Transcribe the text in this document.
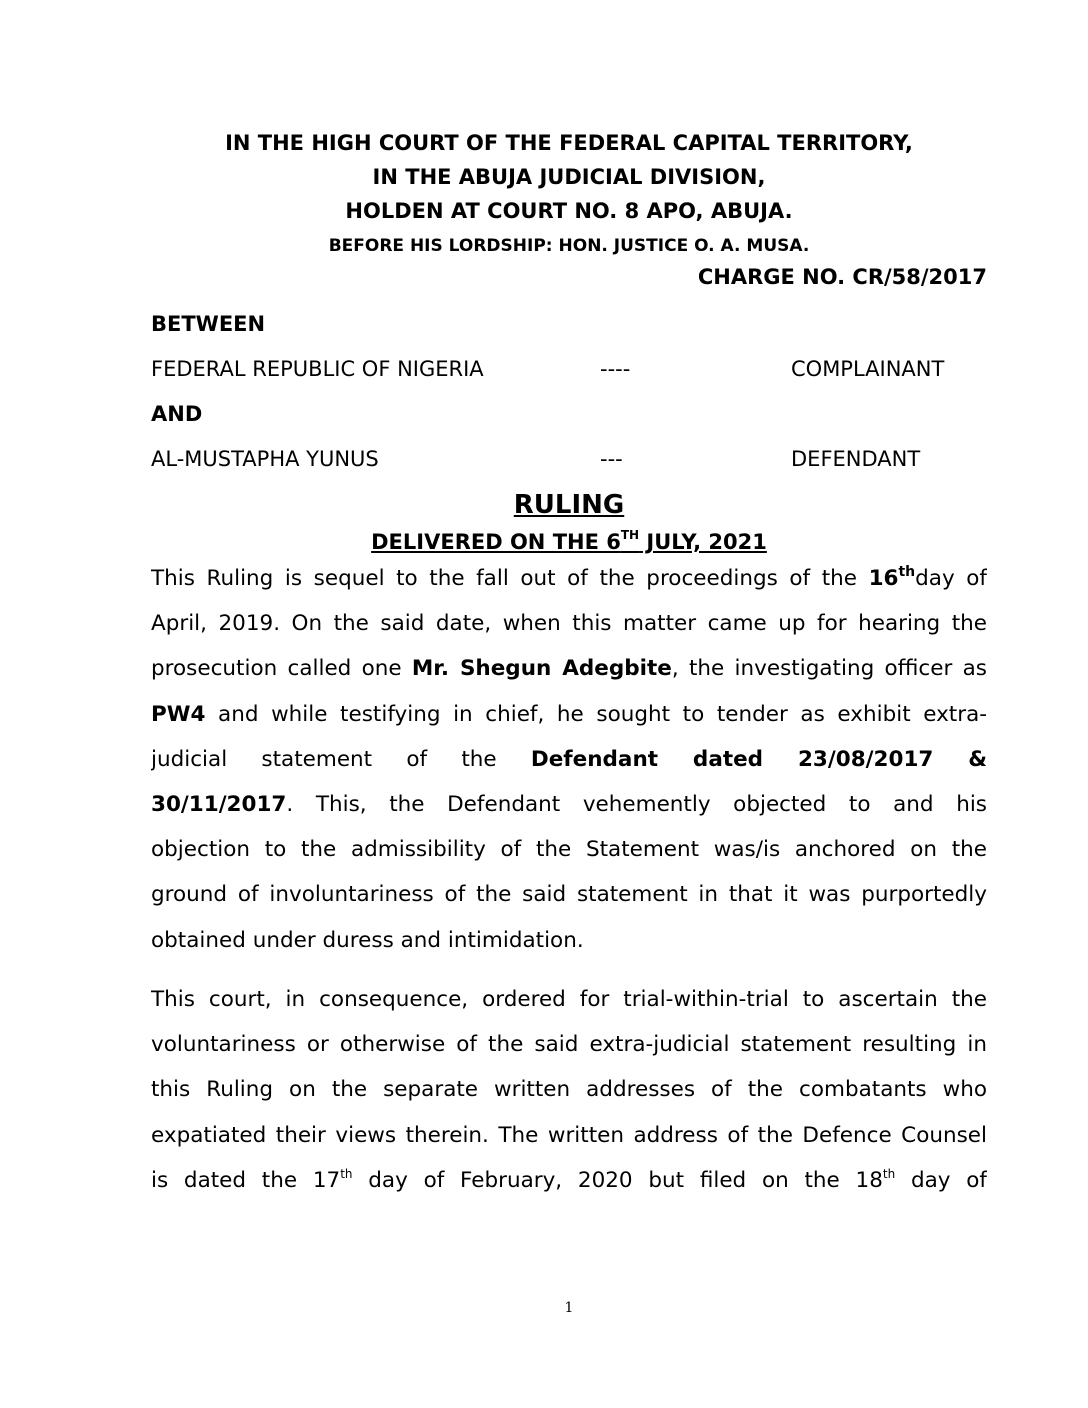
IN THE HIGH COURT OF THE FEDERAL CAPITAL TERRITORY,
IN THE ABUJA JUDICIAL DIVISION,
HOLDEN AT COURT NO. 8 APO, ABUJA.
BEFORE HIS LORDSHIP: HON. JUSTICE O. A. MUSA.
CHARGE NO. CR/58/2017
BETWEEN
FEDERAL REPUBLIC OF NIGERIA	----	COMPLAINANT
AND
AL-MUSTAPHA YUNUS	---	DEFENDANT
RULING
DELIVERED ON THE 6TH JULY, 2021
This Ruling is sequel to the fall out of the proceedings of the 16thday of
April, 2019. On the said date, when this matter came up for hearing the
prosecution called one Mr. Shegun Adegbite, the investigating officer as
PW4 and while testifying in chief, he sought to tender as exhibit extra-
judicial statement of the Defendant dated 23/08/2017 &
30/11/2017. This, the Defendant vehemently objected to and his
objection to the admissibility of the Statement was/is anchored on the
ground of involuntariness of the said statement in that it was purportedly
obtained under duress and intimidation.
This court, in consequence, ordered for trial-within-trial to ascertain the
voluntariness or otherwise of the said extra-judicial statement resulting in
this Ruling on the separate written addresses of the combatants who
expatiated their views therein. The written address of the Defence Counsel
is dated the 17th day of February, 2020 but filed on the 18th day of
1
